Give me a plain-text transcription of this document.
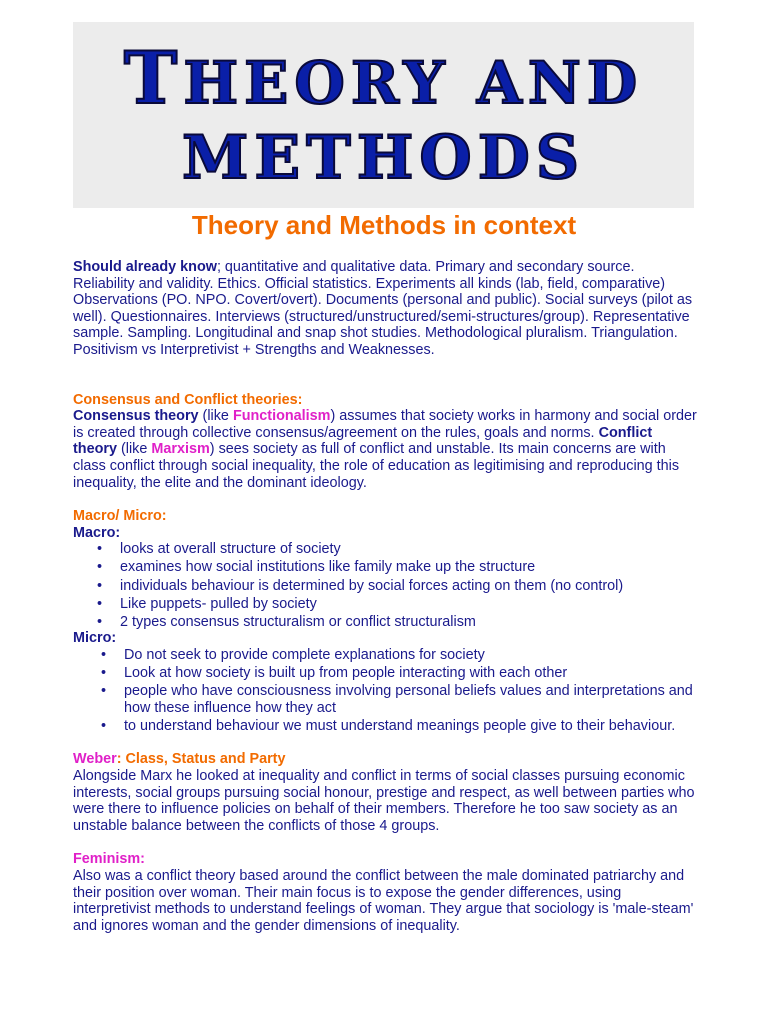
THEORY AND
METHODS
Theory and Methods in context

Should already know; quantitative and qualitative data. Primary and secondary source. Reliability and validity. Ethics. Official statistics. Experiments all kinds (lab, field, comparative) Observations (PO. NPO. Covert/overt). Documents (personal and public). Social surveys (pilot as well). Questionnaires. Interviews (structured/unstructured/semi-structures/group). Representative sample. Sampling. Longitudinal and snap shot studies. Methodological pluralism. Triangulation. Positivism vs Interpretivist + Strengths and Weaknesses.

Consensus and Conflict theories:

Consensus theory (like Functionalism) assumes that society works in harmony and social order is created through collective consensus/agreement on the rules, goals and norms. Conflict theory (like Marxism) sees society as full of conflict and unstable. Its main concerns are with class conflict through social inequality, the role of education as legitimising and reproducing this inequality, the elite and the dominant ideology.

Macro/ Micro:

Macro:

• looks at overall structure of society
• examines how social institutions like family make up the structure
• individuals behaviour is determined by social forces acting on them (no control)
• Like puppets- pulled by society
• 2 types consensus structuralism or conflict structuralism

Micro:

• Do not seek to provide complete explanations for society
• Look at how society is built up from people interacting with each other
• people who have consciousness involving personal beliefs values and interpretations and how these influence how they act
• to understand behaviour we must understand meanings people give to their behaviour.

Weber: Class, Status and Party

Alongside Marx he looked at inequality and conflict in terms of social classes pursuing economic interests, social groups pursuing social honour, prestige and respect, as well between parties who were there to influence policies on behalf of their members. Therefore he too saw society as an unstable balance between the conflicts of those 4 groups.

Feminism:

Also was a conflict theory based around the conflict between the male dominated patriarchy and their position over woman. Their main focus is to expose the gender differences, using interpretivist methods to understand feelings of woman. They argue that sociology is 'male-steam' and ignores woman and the gender dimensions of inequality.
